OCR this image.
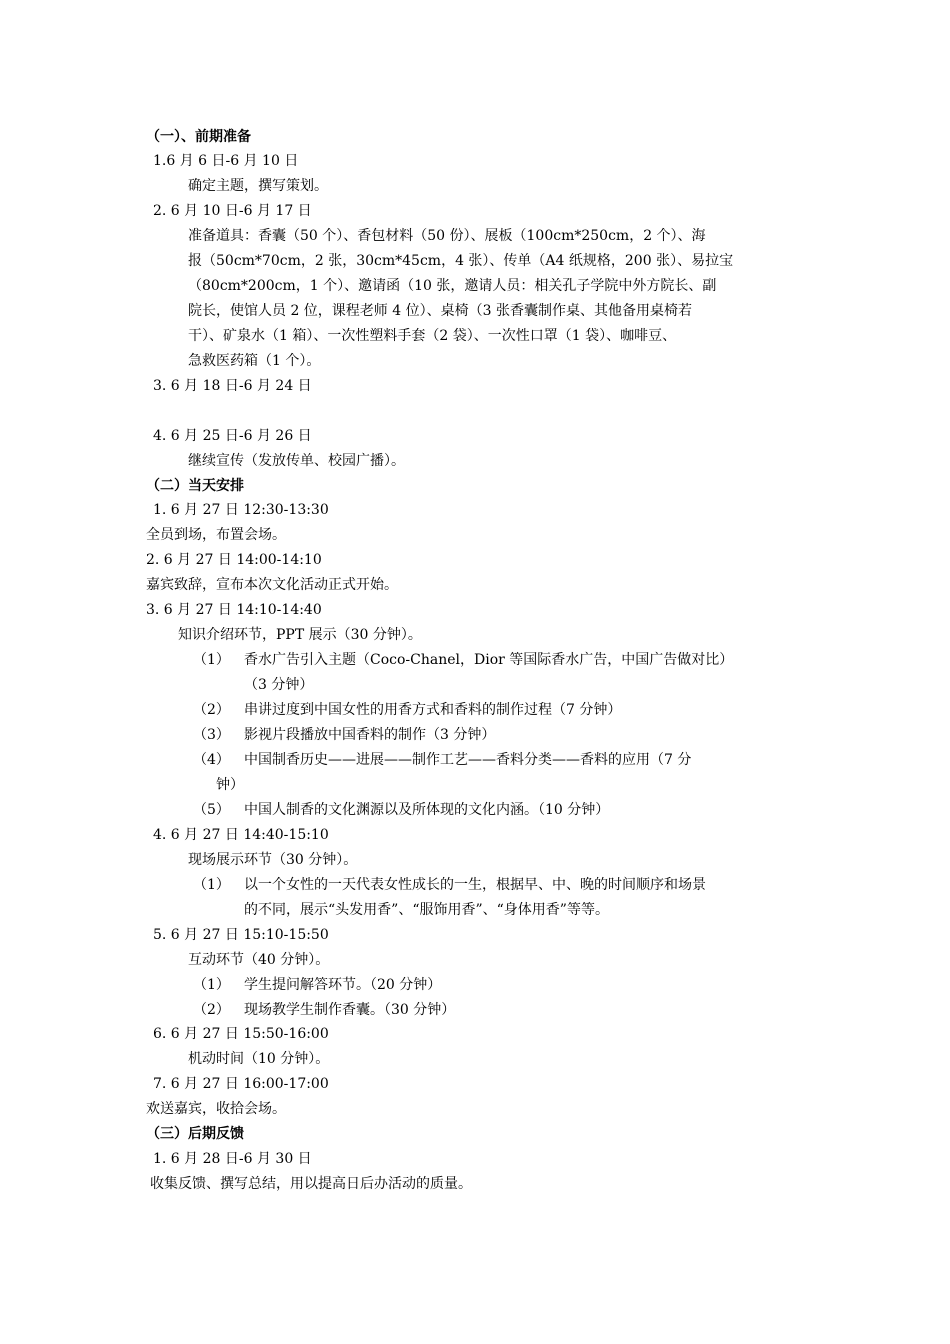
（一）、前期准备
1.6 月 6 日-6 月 10 日
确定主题，撰写策划。
2. 6 月 10 日-6 月 17 日
准备道具：香囊（50 个）、香包材料（50 份）、展板（100cm*250cm，2 个）、海
报（50cm*70cm，2 张，30cm*45cm，4 张）、传单（A4 纸规格，200 张）、易拉宝
（80cm*200cm，1 个）、邀请函（10 张，邀请人员：相关孔子学院中外方院长、副
院长，使馆人员 2 位，课程老师 4 位）、桌椅（3 张香囊制作桌、其他备用桌椅若
干）、矿泉水（1 箱）、一次性塑料手套（2 袋）、一次性口罩（1 袋）、咖啡豆、
急救医药箱（1 个）。
3. 6 月 18 日-6 月 24 日
4. 6 月 25 日-6 月 26 日
继续宣传（发放传单、校园广播）。
（二）当天安排
1. 6 月 27 日 12:30-13:30
全员到场，布置会场。
2. 6 月 27 日 14:00-14:10
嘉宾致辞，宣布本次文化活动正式开始。
3. 6 月 27 日 14:10-14:40
知识介绍环节，PPT 展示（30 分钟）。
（1） 香水广告引入主题（Coco-Chanel，Dior 等国际香水广告，中国广告做对比）
（3 分钟）
（2） 串讲过度到中国女性的用香方式和香料的制作过程（7 分钟）
（3） 影视片段播放中国香料的制作（3 分钟）
（4） 中国制香历史——进展——制作工艺——香料分类——香料的应用（7 分
钟）
（5） 中国人制香的文化渊源以及所体现的文化内涵。（10 分钟）
4. 6 月 27 日 14:40-15:10
现场展示环节（30 分钟）。
（1） 以一个女性的一天代表女性成长的一生，根据早、中、晚的时间顺序和场景
的不同，展示“头发用香”、“服饰用香”、“身体用香”等等。
5. 6 月 27 日 15:10-15:50
互动环节（40 分钟）。
（1） 学生提问解答环节。（20 分钟）
（2） 现场教学生制作香囊。（30 分钟）
6. 6 月 27 日 15:50-16:00
机动时间（10 分钟）。
7. 6 月 27 日 16:00-17:00
欢送嘉宾，收拾会场。
（三）后期反馈
1. 6 月 28 日-6 月 30 日
收集反馈、撰写总结，用以提高日后办活动的质量。
